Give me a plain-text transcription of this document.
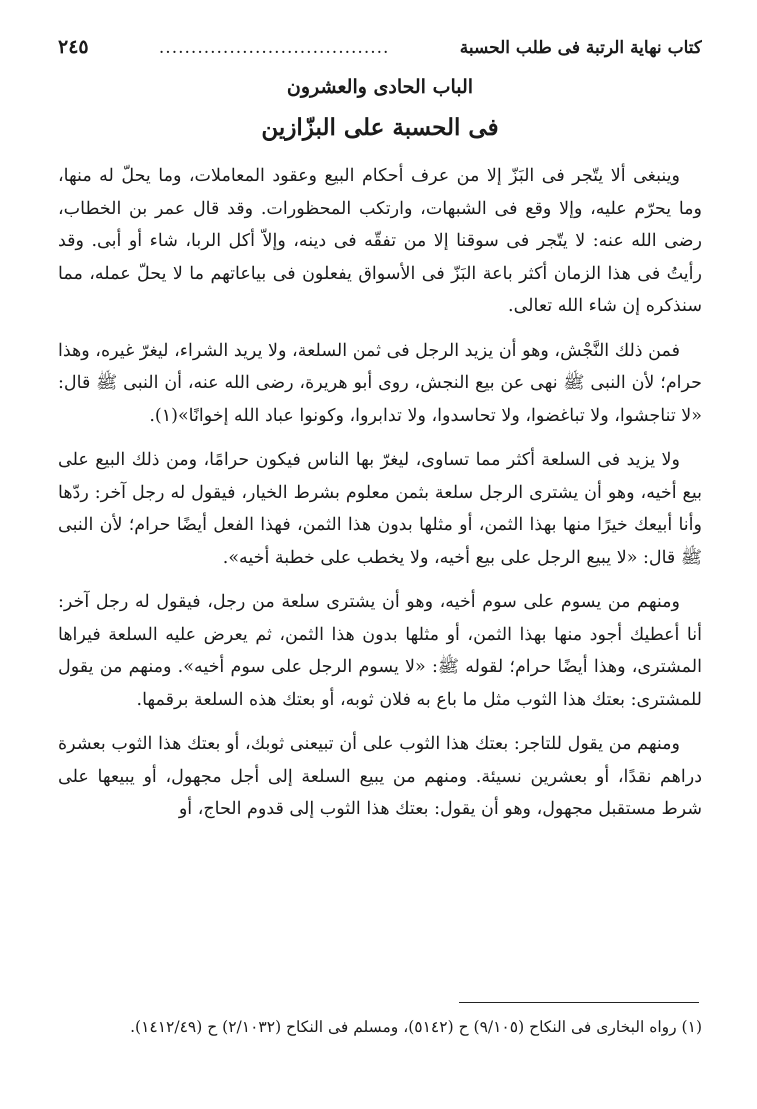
كتاب نهاية الرتبة فى طلب الحسبة
....................................
٢٤٥
الباب الحادى والعشرون
فى الحسبة على البزّازين

وينبغى ألا يتّجر فى البَزّ إلا من عرف أحكام البيع وعقود المعاملات، وما يحلّ له منها، وما يحرّم عليه، وإلا وقع فى الشبهات، وارتكب المحظورات. وقد قال عمر بن الخطاب، رضى الله عنه: لا يتّجر فى سوقنا إلا من تفقّه فى دينه، وإلاّ أكل الربا، شاء أو أبى. وقد رأيتُ فى هذا الزمان أكثر باعة البَزّ فى الأسواق يفعلون فى بياعاتهم ما لا يحلّ عمله، مما سنذكره إن شاء الله تعالى.

فمن ذلك النَّجْش، وهو أن يزيد الرجل فى ثمن السلعة، ولا يريد الشراء، ليغرّ غيره، وهذا حرام؛ لأن النبى ﷺ نهى عن بيع النجش، روى أبو هريرة، رضى الله عنه، أن النبى ﷺ قال: «لا تناجشوا، ولا تباغضوا، ولا تحاسدوا، ولا تدابروا، وكونوا عباد الله إخوانًا»(١).

ولا يزيد فى السلعة أكثر مما تساوى، ليغرّ بها الناس فيكون حرامًا، ومن ذلك البيع على بيع أخيه، وهو أن يشترى الرجل سلعة بثمن معلوم بشرط الخيار، فيقول له رجل آخر: ردّها وأنا أبيعك خيرًا منها بهذا الثمن، أو مثلها بدون هذا الثمن، فهذا الفعل أيضًا حرام؛ لأن النبى ﷺ قال: «لا يبيع الرجل على بيع أخيه، ولا يخطب على خطبة أخيه».

ومنهم من يسوم على سوم أخيه، وهو أن يشترى سلعة من رجل، فيقول له رجل آخر: أنا أعطيك أجود منها بهذا الثمن، أو مثلها بدون هذا الثمن، ثم يعرض عليه السلعة فيراها المشترى، وهذا أيضًا حرام؛ لقوله ﷺ: «لا يسوم الرجل على سوم أخيه». ومنهم من يقول للمشترى: بعتك هذا الثوب مثل ما باع به فلان ثوبه، أو بعتك هذه السلعة برقمها.

ومنهم من يقول للتاجر: بعتك هذا الثوب على أن تبيعنى ثوبك، أو بعتك هذا الثوب بعشرة دراهم نقدًا، أو بعشرين نسيئة. ومنهم من يبيع السلعة إلى أجل مجهول، أو يبيعها على شرط مستقبل مجهول، وهو أن يقول: بعتك هذا الثوب إلى قدوم الحاج، أو

(١) رواه البخارى فى النكاح (٩/١٠٥) ح (٥١٤٢)، ومسلم فى النكاح (٢/١٠٣٢) ح (١٤١٢/٤٩).
